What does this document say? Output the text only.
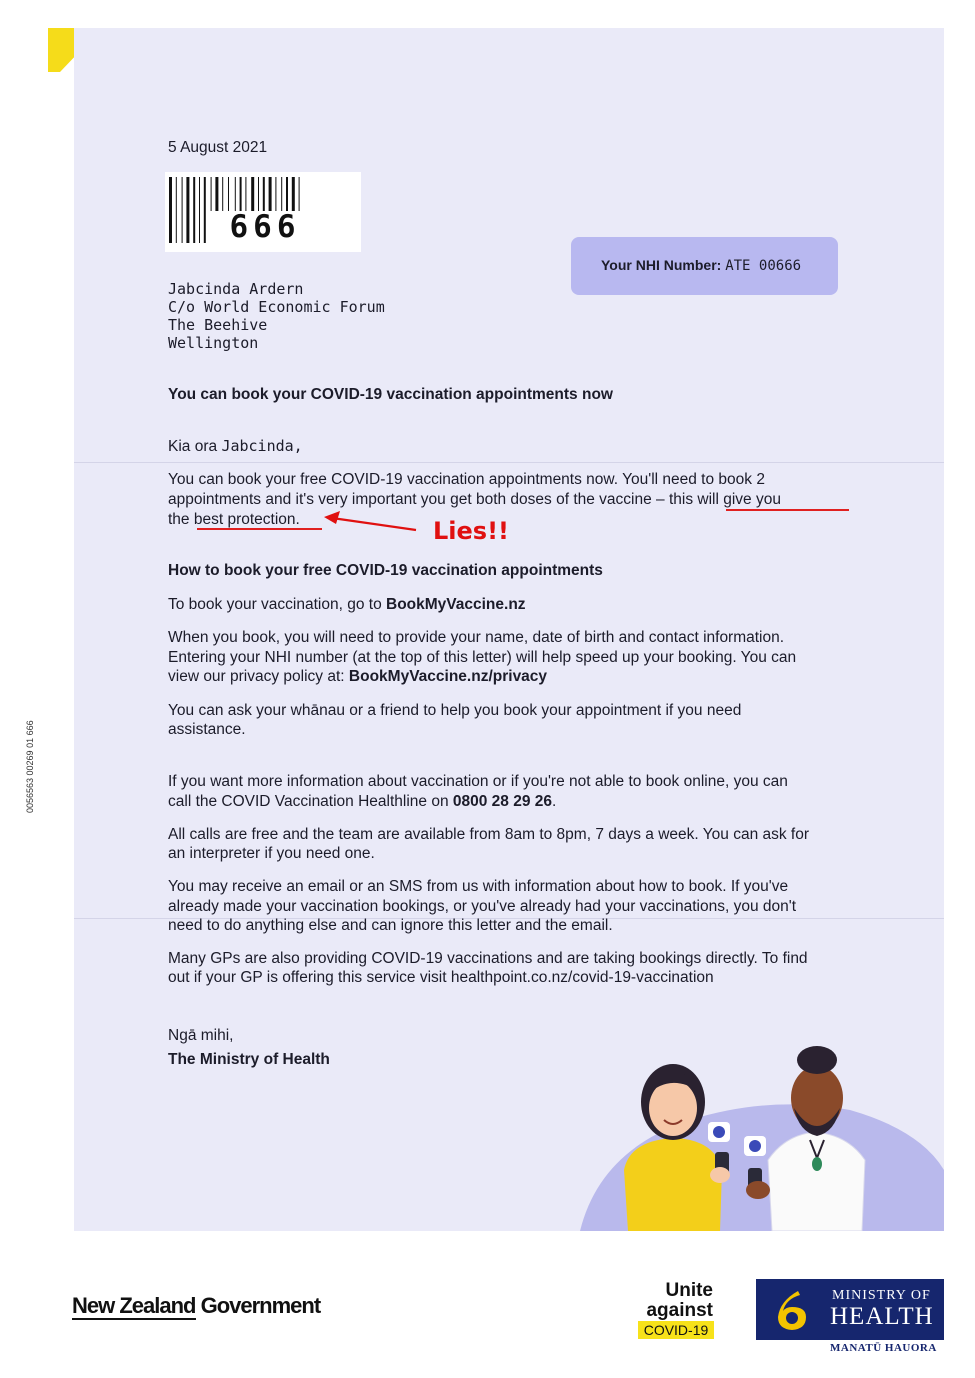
0056563 00269 01 666

5 August 2021

666
Your NHI Number: ATE 00666

Jabcinda Ardern

C/o World Economic Forum

The Beehive

Wellington

You can book your COVID-19 vaccination appointments now

Kia ora Jabcinda,

You can book your free COVID-19 vaccination appointments now. You'll need to book 2

appointments and it's very important you get both doses of the vaccine – this will give you

the best protection.	Lies!!

How to book your free COVID-19 vaccination appointments

To book your vaccination, go to BookMyVaccine.nz

When you book, you will need to provide your name, date of birth and contact information.

Entering your NHI number (at the top of this letter) will help speed up your booking. You can

view our privacy policy at: BookMyVaccine.nz/privacy

You can ask your whānau or a friend to help you book your appointment if you need

assistance.

If you want more information about vaccination or if you're not able to book online, you can

call the COVID Vaccination Healthline on 0800 28 29 26.

All calls are free and the team are available from 8am to 8pm, 7 days a week. You can ask for

an interpreter if you need one.

You may receive an email or an SMS from us with information about how to book. If you've

already made your vaccination bookings, or you've already had your vaccinations, you don't

need to do anything else and can ignore this letter and the email.

Many GPs are also providing COVID-19 vaccinations and are taking bookings directly. To find

out if your GP is offering this service visit healthpoint.co.nz/covid-19-vaccination

Ngā mihi,

The Ministry of Health

New Zealand Government
Unite
against
COVID-19
MINISTRY OF
HEALTH
MANATŪ HAUORA
